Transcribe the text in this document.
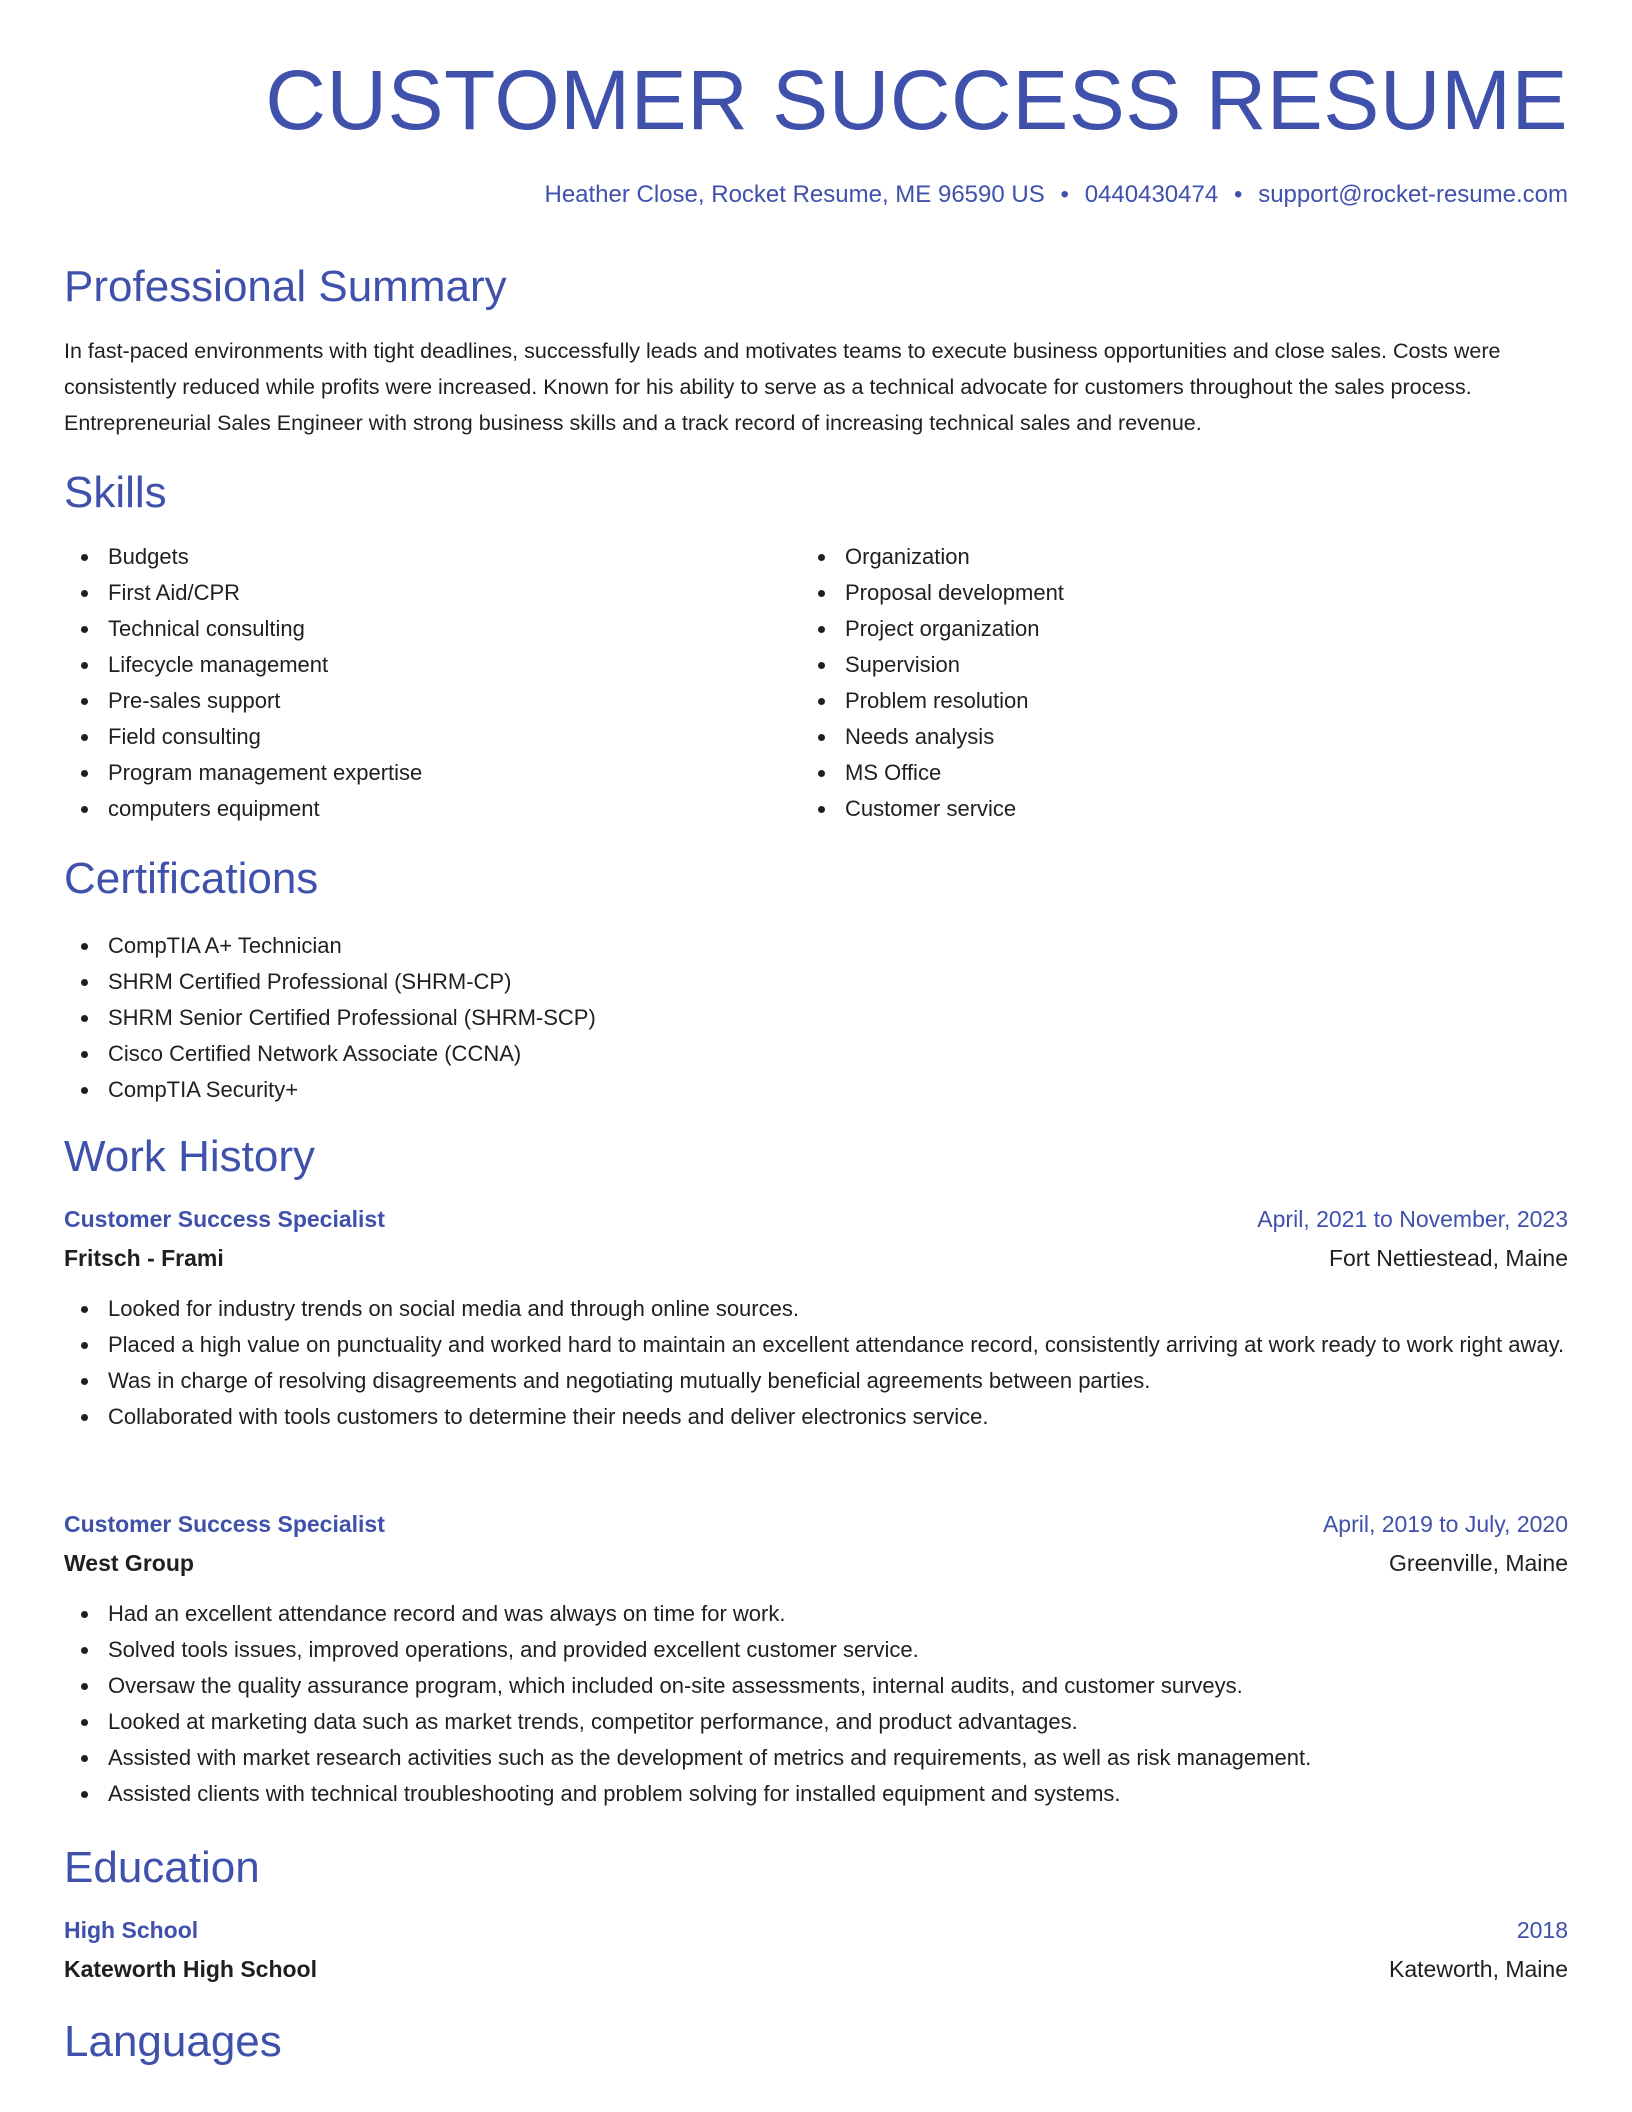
CUSTOMER SUCCESS RESUME

Heather Close, Rocket Resume, ME 96590 US • 0440430474 • support@rocket-resume.com

Professional Summary

In fast-paced environments with tight deadlines, successfully leads and motivates teams to execute business opportunities and close sales. Costs were consistently reduced while profits were increased. Known for his ability to serve as a technical advocate for customers throughout the sales process. Entrepreneurial Sales Engineer with strong business skills and a track record of increasing technical sales and revenue.

Skills
Budgets
First Aid/CPR
Technical consulting
Lifecycle management
Pre-sales support
Field consulting
Program management expertise
computers equipment
Organization
Proposal development
Project organization
Supervision
Problem resolution
Needs analysis
MS Office
Customer service
Certifications
CompTIA A+ Technician
SHRM Certified Professional (SHRM-CP)
SHRM Senior Certified Professional (SHRM-SCP)
Cisco Certified Network Associate (CCNA)
CompTIA Security+
Work History
Customer Success Specialist	April, 2021 to November, 2023
Fritsch - Frami	Fort Nettiestead, Maine
Looked for industry trends on social media and through online sources.
Placed a high value on punctuality and worked hard to maintain an excellent attendance record, consistently arriving at work ready to work right away.
Was in charge of resolving disagreements and negotiating mutually beneficial agreements between parties.
Collaborated with tools customers to determine their needs and deliver electronics service.
Customer Success Specialist	April, 2019 to July, 2020
West Group	Greenville, Maine
Had an excellent attendance record and was always on time for work.
Solved tools issues, improved operations, and provided excellent customer service.
Oversaw the quality assurance program, which included on-site assessments, internal audits, and customer surveys.
Looked at marketing data such as market trends, competitor performance, and product advantages.
Assisted with market research activities such as the development of metrics and requirements, as well as risk management.
Assisted clients with technical troubleshooting and problem solving for installed equipment and systems.
Education
High School	2018
Kateworth High School	Kateworth, Maine
Languages
